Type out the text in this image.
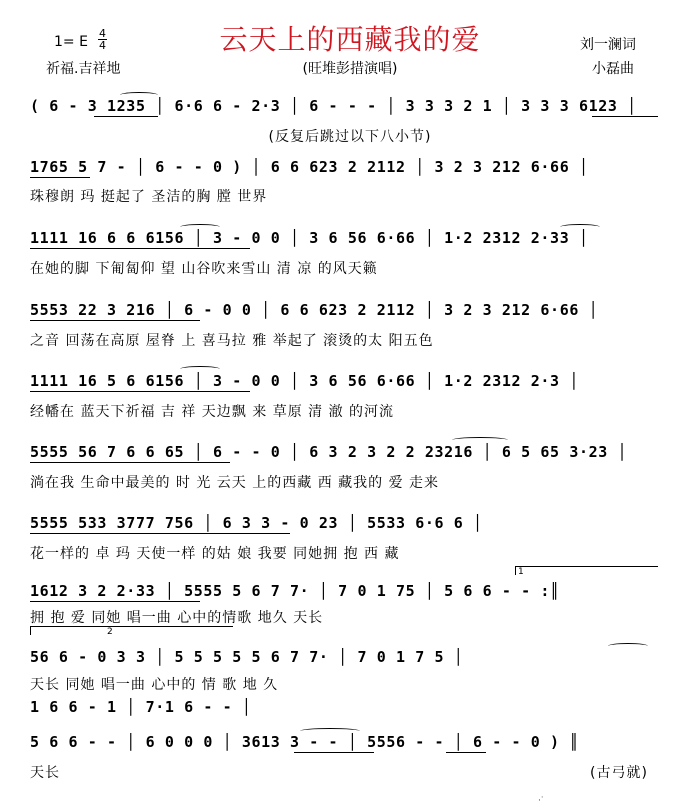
云天上的西藏我的爱
1= E
4
4
祈福.吉祥地	(旺堆彭措演唱)
刘一澜词
小磊曲
( 6 - 3 1235 │ 6·6 6 - 2·3 │ 6 - - - │ 3 3 3 2 1 │ 3 3 3 6123 │
(反复后跳过以下八小节)
1765 5 7 - │ 6 - - 0 ) │ 6 6 623 2 2112 │ 3 2 3 212 6·66 │
珠穆朗 玛 挺起了 圣洁的胸 膛 世界
1111 16 6 6 6156 │ 3 - 0 0 │ 3 6 56 6·66 │ 1·2 2312 2·33 │
在她的脚 下匍匐仰 望 山谷吹来雪山 清 凉 的风天籁
5553 22 3 216 │ 6 - 0 0 │ 6 6 623 2 2112 │ 3 2 3 212 6·66 │
之音 回荡在高原 屋脊 上 喜马拉 雅 举起了 滚烫的太 阳五色
1111 16 5 6 6156 │ 3 - 0 0 │ 3 6 56 6·66 │ 1·2 2312 2·3 │
经幡在 蓝天下祈福 吉 祥 天边飘 来 草原 清 澈 的河流
5555 56 7 6 6 65 │ 6 - - 0 │ 6 3 2 3 2 2 23216 │ 6 5 65 3·23 │
淌在我 生命中最美的 时 光 云天 上的西藏 西 藏我的 爱 走来
5555 533 3777 756 │ 6 3 3 - 0 23 │ 5533 6·6 6 │
花一样的 卓 玛 天使一样 的姑 娘 我要 同她拥 抱 西 藏
1
1612 3 2 2·33 │ 5555 5 6 7 7· │ 7 0 1 75 │ 5 6 6 - - :║
拥 抱 爱 同她 唱一曲 心中的情歌 地久 天长
2
56 6 - 0 3 3 │ 5 5 5 5 5 6 7 7· │ 7 0 1 7 5 │
天长 同她 唱一曲 心中的 情 歌 地 久
1 6 6 - 1 │ 7·1 6 - - │
5 6 6 - - │ 6 0 0 0 │ 3613 3 - - │ 5556 - - │ 6 - - 0 ) ║
天长	(古弓就)
·ᐝ
